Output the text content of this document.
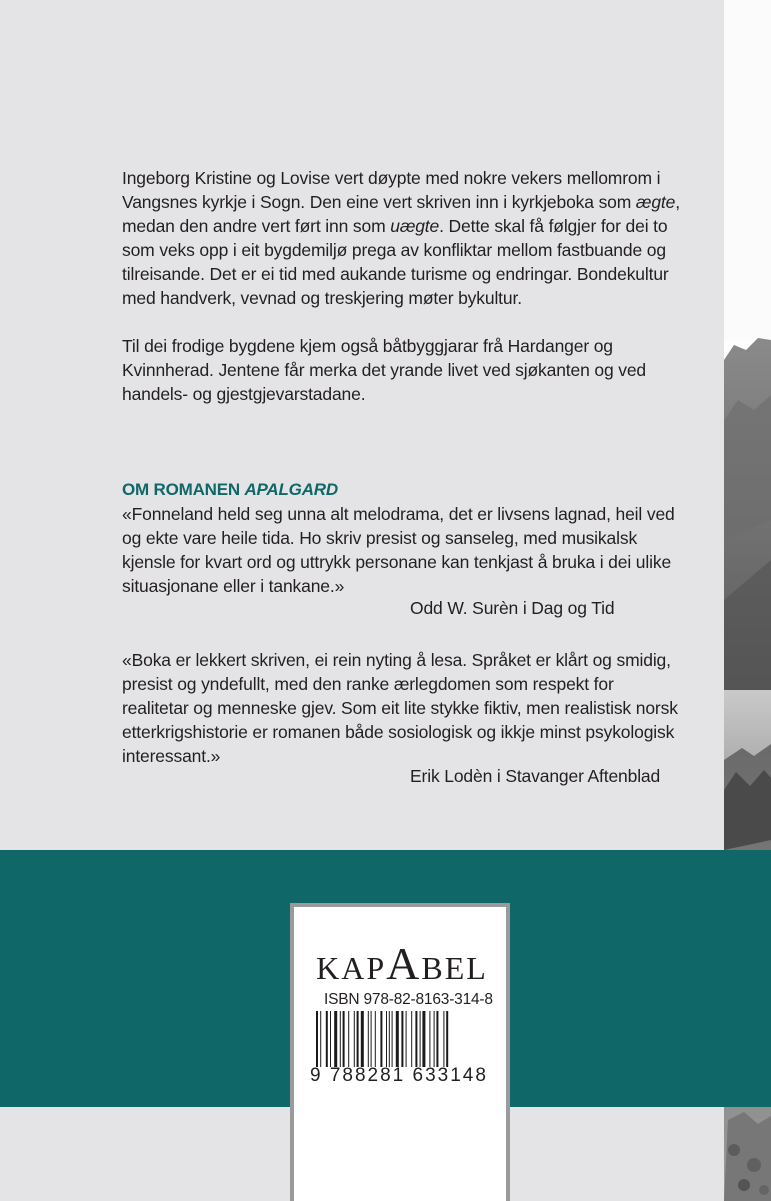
Ingeborg Kristine og Lovise vert døypte med nokre vekers mellomrom i Vangsnes kyrkje i Sogn. Den eine vert skriven inn i kyrkjeboka som ægte, medan den andre vert ført inn som uægte. Dette skal få følgjer for dei to som veks opp i eit bygdemiljø prega av konfliktar mellom fastbuande og tilreisande. Det er ei tid med aukande turisme og endringar. Bondekultur med handverk, vevnad og treskjering møter bykultur.

Til dei frodige bygdene kjem også båtbyggjarar frå Hardanger og Kvinnherad. Jentene får merka det yrande livet ved sjøkanten og ved handels- og gjestgjevarstadane.

OM ROMANEN APALGARD

«Fonneland held seg unna alt melodrama, det er livsens lagnad, heil ved og ekte vare heile tida. Ho skriv presist og sanseleg, med musikalsk kjensle for kvart ord og uttrykk personane kan tenkjast å bruka i dei ulike situasjonane eller i tankane.»

Odd W. Surèn i Dag og Tid

«Boka er lekkert skriven, ei rein nyting å lesa. Språket er klårt og smidig, presist og yndefullt, med den ranke ærlegdomen som respekt for realitetar og menneske gjev. Som eit lite stykke fiktiv, men realistisk norsk etterkrigshistorie er romanen både sosiologisk og ikkje minst psykologisk interessant.»

Erik Lodèn i Stavanger Aftenblad
KAPABEL
ISBN 978-82-8163-314-8
9 788281 633148
